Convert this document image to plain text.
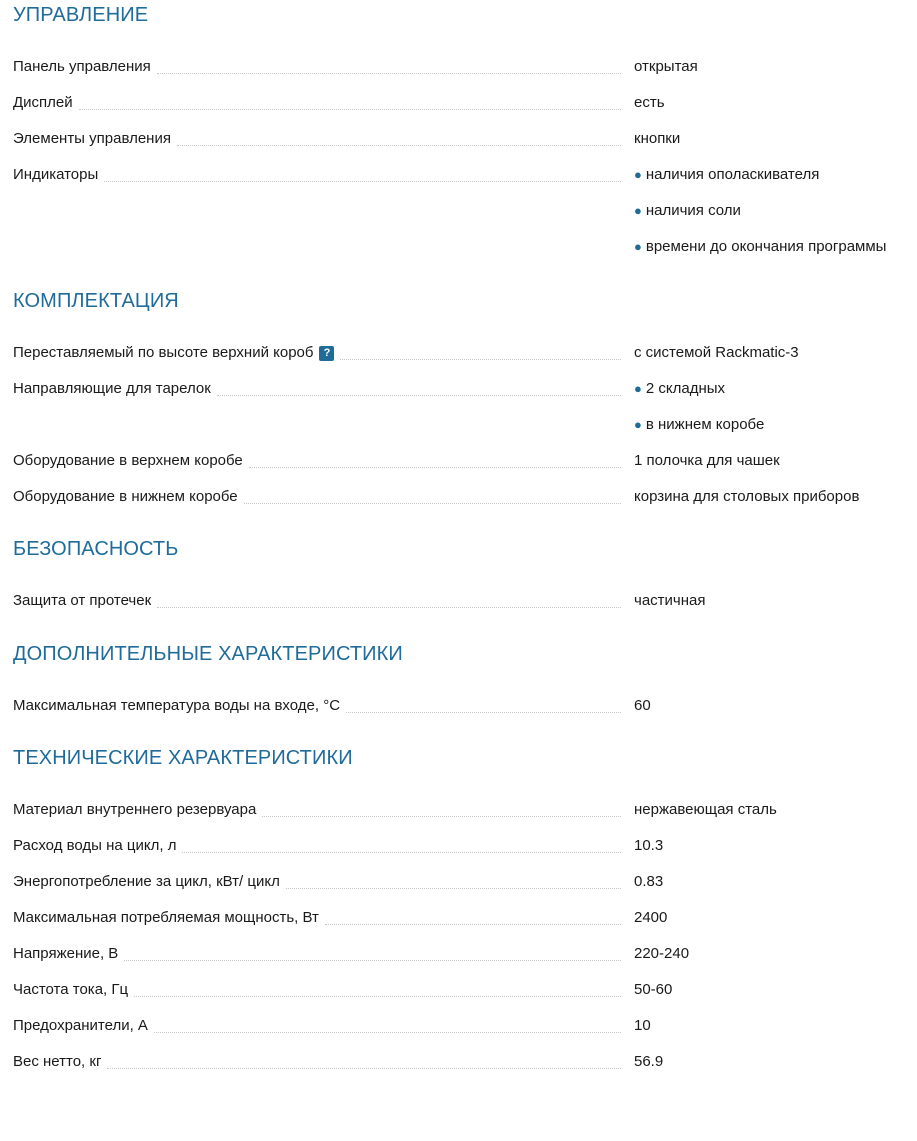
УПРАВЛЕНИЕ
Панель управления	открытая
Дисплей	есть
Элементы управления	кнопки
Индикаторы	● наличия ополаскивателя
● наличия соли
● времени до окончания программы
КОМПЛЕКТАЦИЯ
Переставляемый по высоте верхний короб ?	с системой Rackmatic-3
Направляющие для тарелок	● 2 складных
● в нижнем коробе
Оборудование в верхнем коробе	1 полочка для чашек
Оборудование в нижнем коробе	корзина для столовых приборов
БЕЗОПАСНОСТЬ
Защита от протечек	частичная
ДОПОЛНИТЕЛЬНЫЕ ХАРАКТЕРИСТИКИ
Максимальная температура воды на входе, °C	60
ТЕХНИЧЕСКИЕ ХАРАКТЕРИСТИКИ
Материал внутреннего резервуара	нержавеющая сталь
Расход воды на цикл, л	10.3
Энергопотребление за цикл, кВт/ цикл	0.83
Максимальная потребляемая мощность, Вт	2400
Напряжение, В	220-240
Частота тока, Гц	50-60
Предохранители, А	10
Вес нетто, кг	56.9
